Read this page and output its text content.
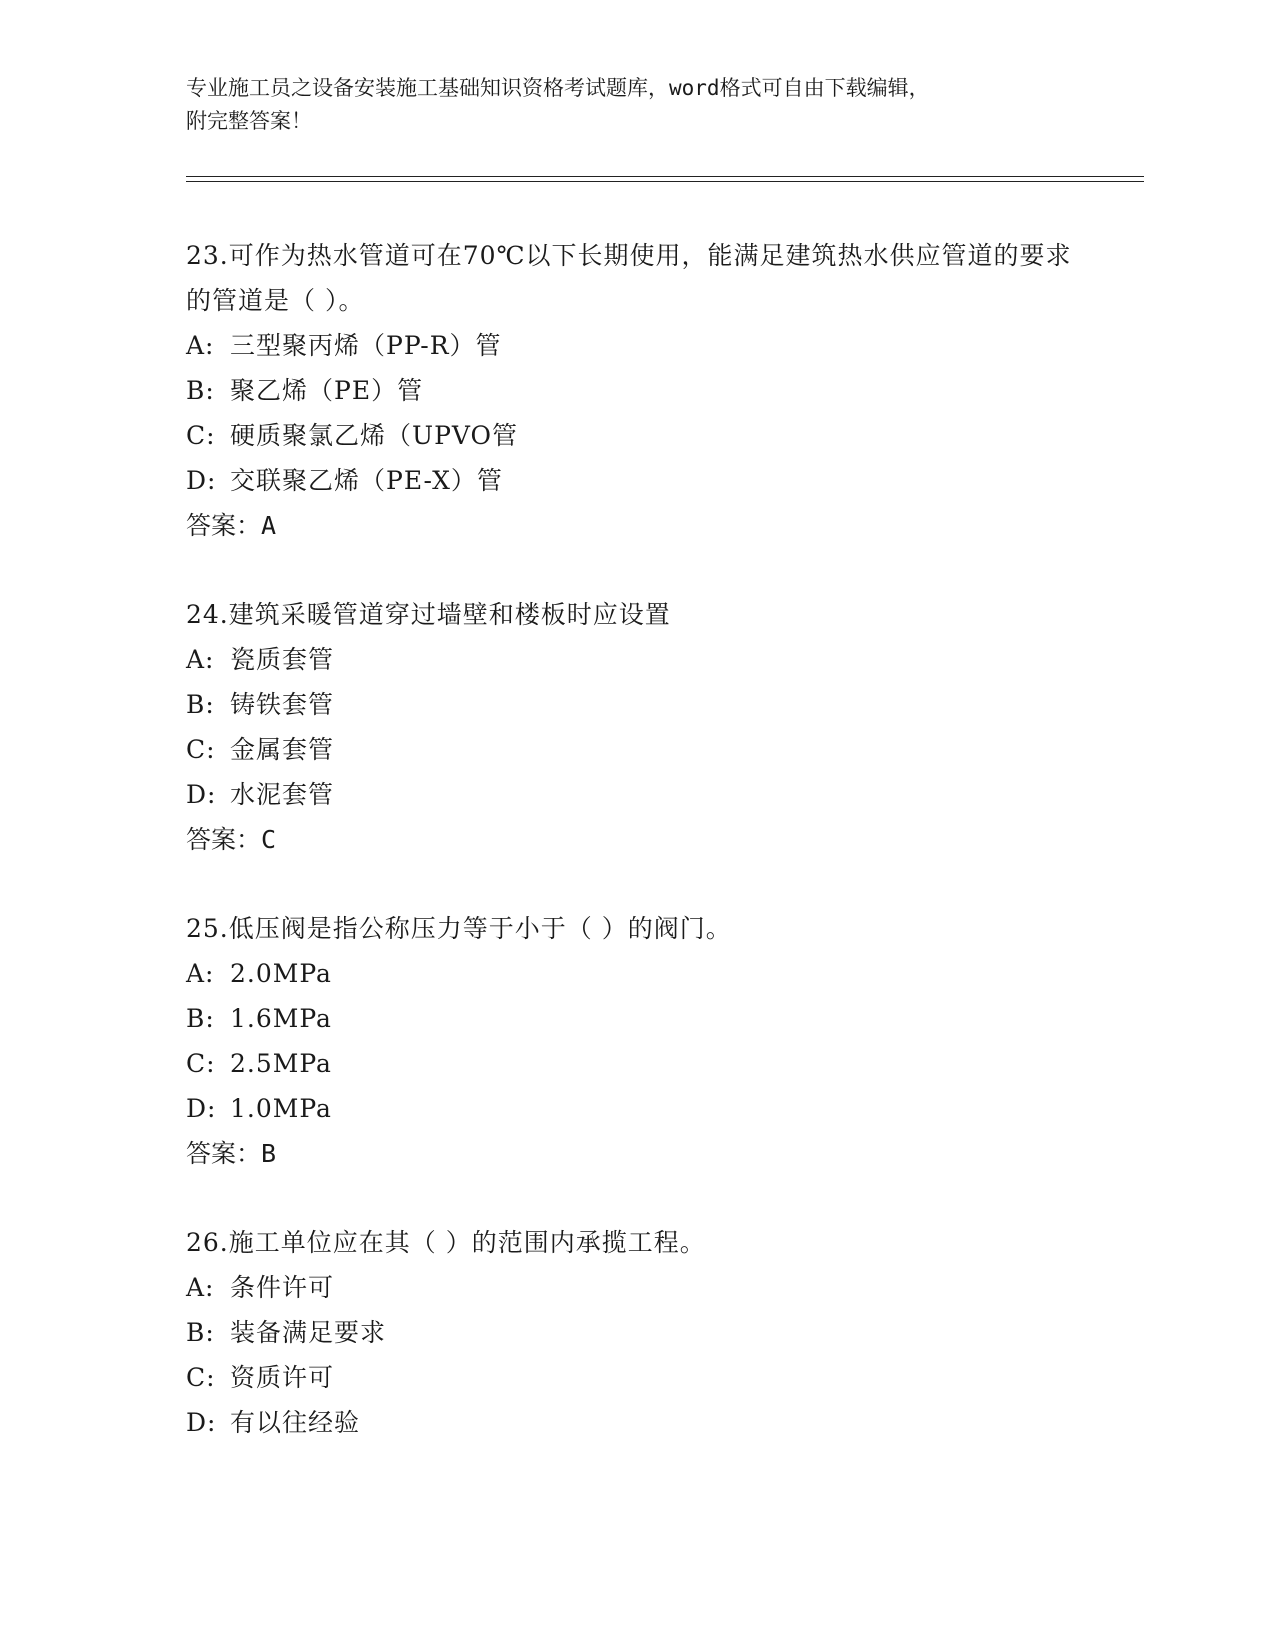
专业施工员之设备安装施工基础知识资格考试题库，word格式可自由下载编辑，
附完整答案！
23.可作为热水管道可在70℃以下长期使用，能满足建筑热水供应管道的要求的管道是（ ）。
A: 三型聚丙烯（PP-R）管
B: 聚乙烯（PE）管
C: 硬质聚氯乙烯（UPVO管
D: 交联聚乙烯（PE-X）管
答案：A
24.建筑采暖管道穿过墙壁和楼板时应设置
A: 瓷质套管
B: 铸铁套管
C: 金属套管
D: 水泥套管
答案：C
25.低压阀是指公称压力等于小于（ ）的阀门。
A: 2.0MPa
B: 1.6MPa
C: 2.5MPa
D: 1.0MPa
答案：B
26.施工单位应在其（ ）的范围内承揽工程。
A: 条件许可
B: 装备满足要求
C: 资质许可
D: 有以往经验
